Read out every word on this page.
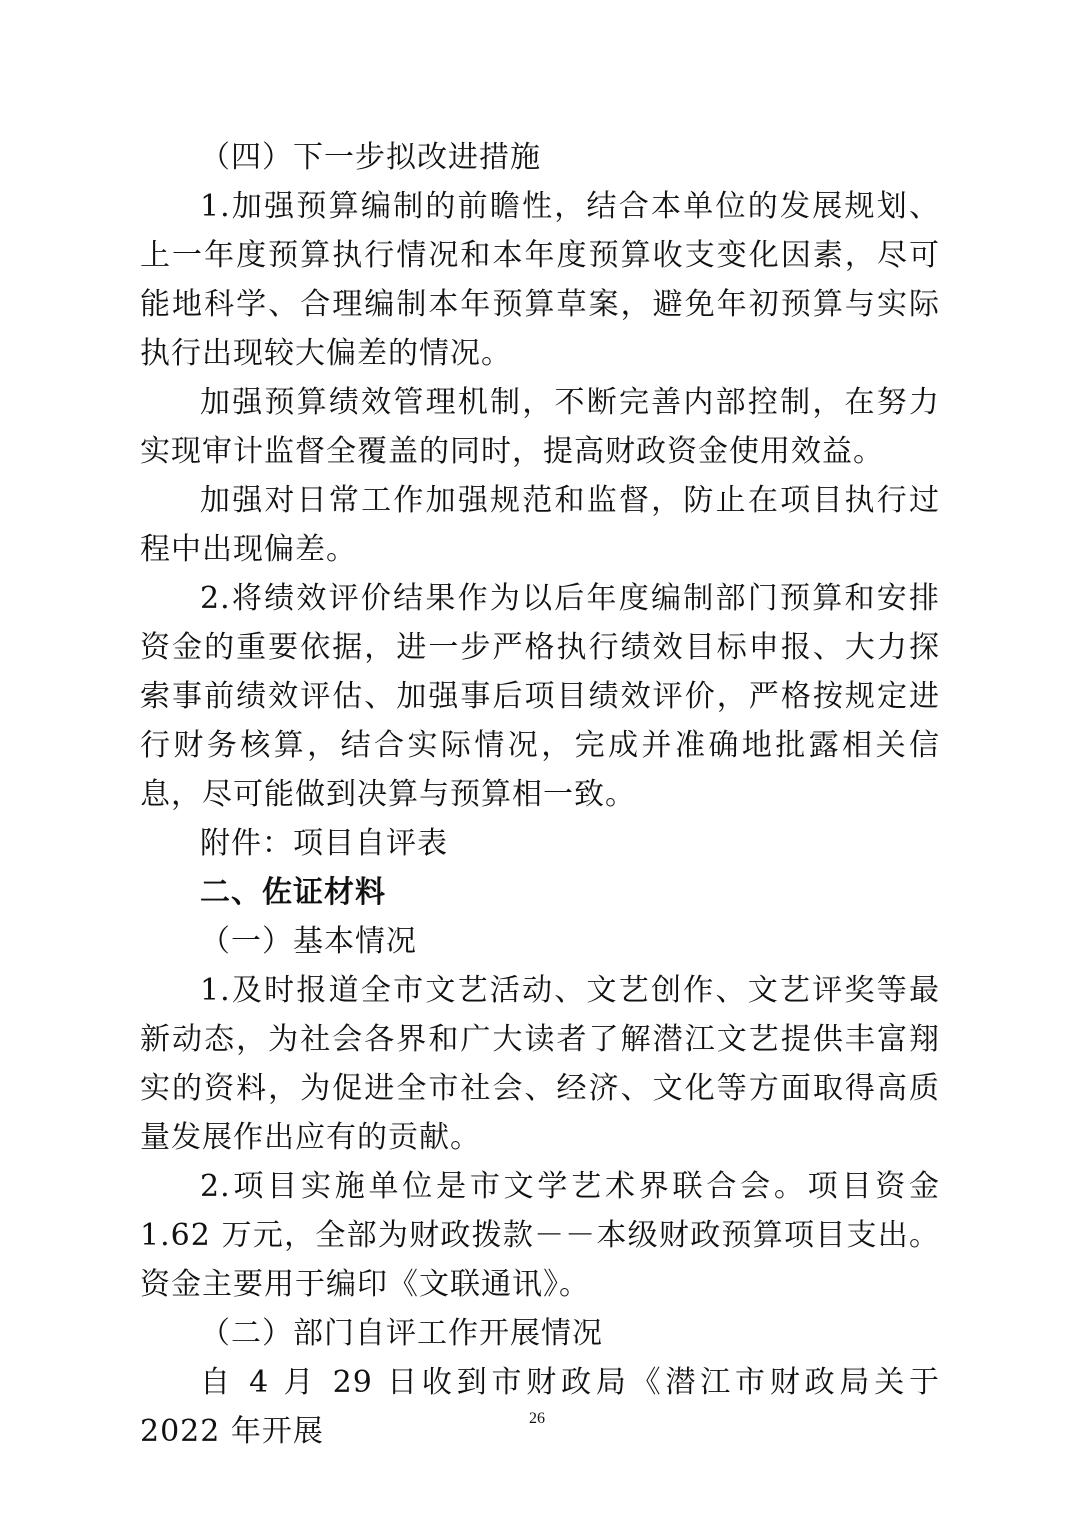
（四）下一步拟改进措施

1.加强预算编制的前瞻性，结合本单位的发展规划、上一年度预算执行情况和本年度预算收支变化因素，尽可能地科学、合理编制本年预算草案，避免年初预算与实际执行出现较大偏差的情况。

加强预算绩效管理机制，不断完善内部控制，在努力实现审计监督全覆盖的同时，提高财政资金使用效益。

加强对日常工作加强规范和监督，防止在项目执行过程中出现偏差。

2.将绩效评价结果作为以后年度编制部门预算和安排资金的重要依据，进一步严格执行绩效目标申报、大力探索事前绩效评估、加强事后项目绩效评价，严格按规定进行财务核算，结合实际情况，完成并准确地批露相关信息，尽可能做到决算与预算相一致。

附件：项目自评表

二、佐证材料

（一）基本情况

1.及时报道全市文艺活动、文艺创作、文艺评奖等最新动态，为社会各界和广大读者了解潜江文艺提供丰富翔实的资料，为促进全市社会、经济、文化等方面取得高质量发展作出应有的贡献。

2.项目实施单位是市文学艺术界联合会。项目资金 1.62 万元，全部为财政拨款－－本级财政预算项目支出。资金主要用于编印《文联通讯》。

（二）部门自评工作开展情况

自 4 月 29 日收到市财政局《潜江市财政局关于 2022 年开展	26
